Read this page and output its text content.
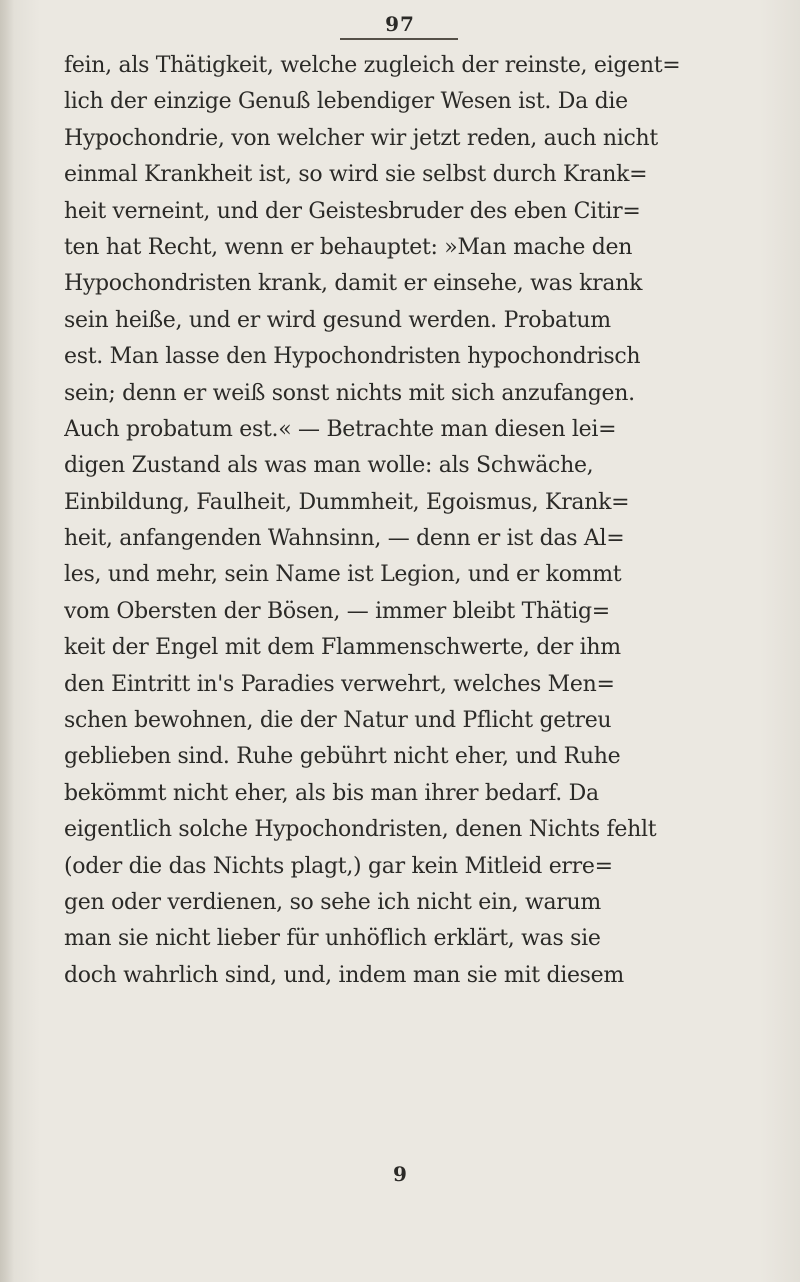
97
fein, als Thätigkeit, welche zugleich der reinste, eigent=
lich der einzige Genuß lebendiger Wesen ist. Da die
Hypochondrie, von welcher wir jetzt reden, auch nicht
einmal Krankheit ist, so wird sie selbst durch Krank=
heit verneint, und der Geistesbruder des eben Citir=
ten hat Recht, wenn er behauptet: »Man mache den
Hypochondristen krank, damit er einsehe, was krank
sein heiße, und er wird gesund werden. Probatum
est. Man lasse den Hypochondristen hypochondrisch
sein; denn er weiß sonst nichts mit sich anzufangen.
Auch probatum est.« — Betrachte man diesen lei=
digen Zustand als was man wolle: als Schwäche,
Einbildung, Faulheit, Dummheit, Egoismus, Krank=
heit, anfangenden Wahnsinn, — denn er ist das Al=
les, und mehr, sein Name ist Legion, und er kommt
vom Obersten der Bösen, — immer bleibt Thätig=
keit der Engel mit dem Flammenschwerte, der ihm
den Eintritt in's Paradies verwehrt, welches Men=
schen bewohnen, die der Natur und Pflicht getreu
geblieben sind. Ruhe gebührt nicht eher, und Ruhe
bekömmt nicht eher, als bis man ihrer bedarf. Da
eigentlich solche Hypochondristen, denen Nichts fehlt
(oder die das Nichts plagt,) gar kein Mitleid erre=
gen oder verdienen, so sehe ich nicht ein, warum
man sie nicht lieber für unhöflich erklärt, was sie
doch wahrlich sind, und, indem man sie mit diesem
9
